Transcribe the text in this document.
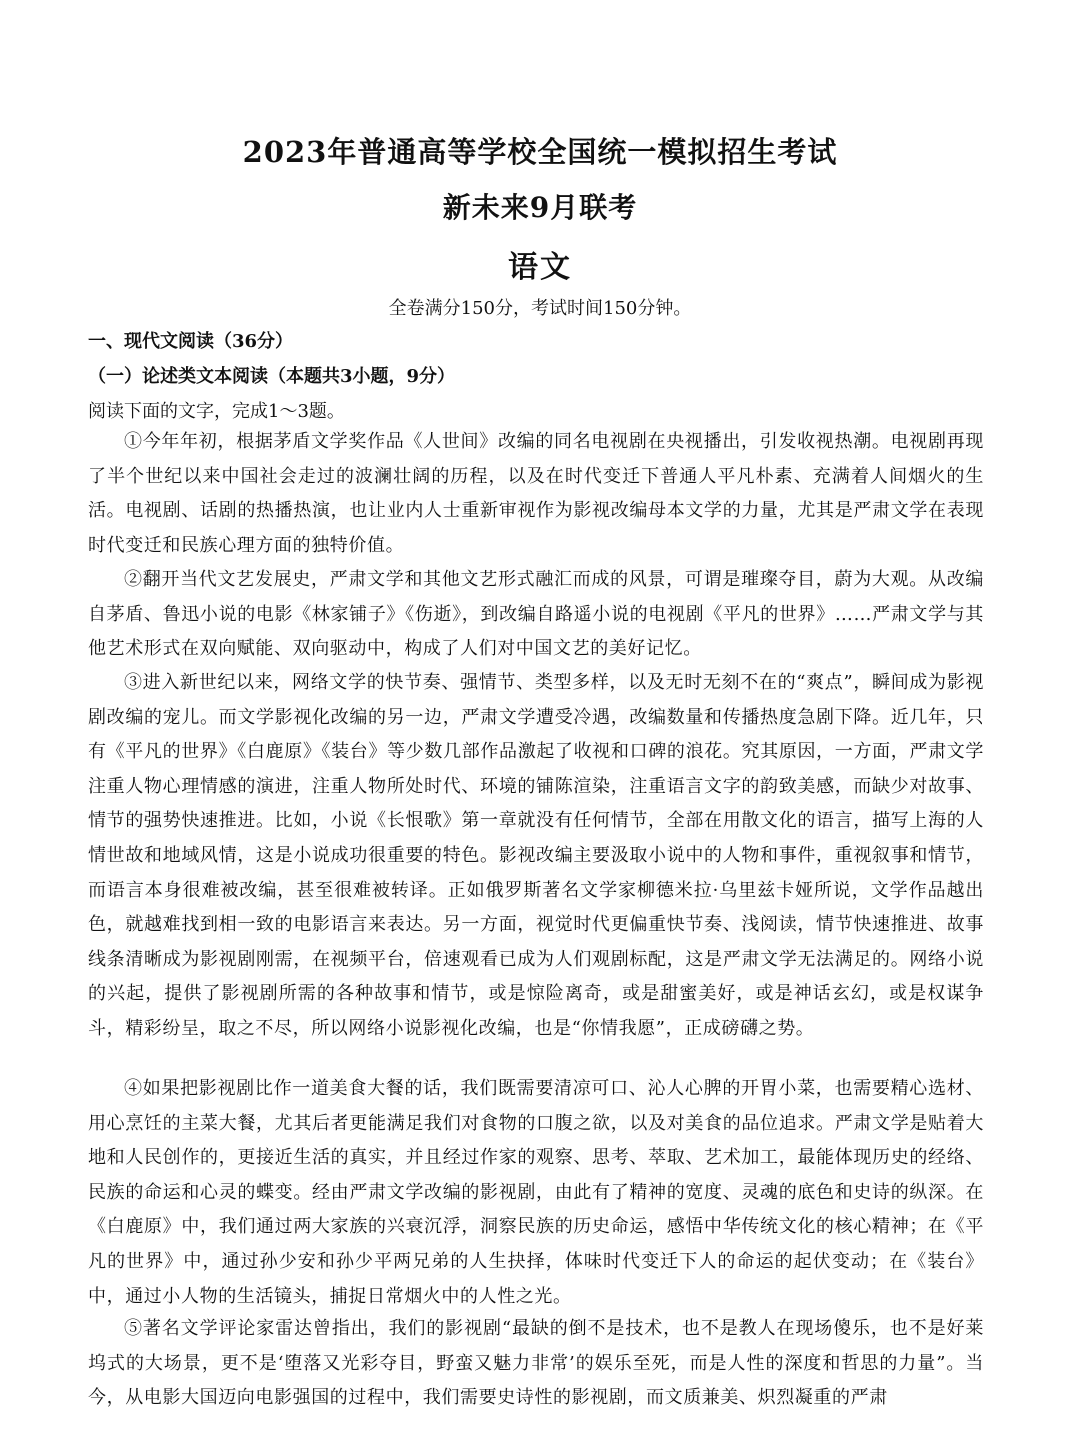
2023年普通高等学校全国统一模拟招生考试
新未来9月联考
语文
全卷满分150分，考试时间150分钟。
一、现代文阅读（36分）
（一）论述类文本阅读（本题共3小题，9分）
阅读下面的文字，完成1～3题。
①今年年初，根据茅盾文学奖作品《人世间》改编的同名电视剧在央视播出，引发收视热潮。电视剧再现了半个世纪以来中国社会走过的波澜壮阔的历程，以及在时代变迁下普通人平凡朴素、充满着人间烟火的生活。电视剧、话剧的热播热演，也让业内人士重新审视作为影视改编母本文学的力量，尤其是严肃文学在表现时代变迁和民族心理方面的独特价值。
②翻开当代文艺发展史，严肃文学和其他文艺形式融汇而成的风景，可谓是璀璨夺目，蔚为大观。从改编自茅盾、鲁迅小说的电影《林家铺子》《伤逝》，到改编自路遥小说的电视剧《平凡的世界》……严肃文学与其他艺术形式在双向赋能、双向驱动中，构成了人们对中国文艺的美好记忆。
③进入新世纪以来，网络文学的快节奏、强情节、类型多样，以及无时无刻不在的“爽点”，瞬间成为影视剧改编的宠儿。而文学影视化改编的另一边，严肃文学遭受冷遇，改编数量和传播热度急剧下降。近几年，只有《平凡的世界》《白鹿原》《装台》等少数几部作品激起了收视和口碑的浪花。究其原因，一方面，严肃文学注重人物心理情感的演进，注重人物所处时代、环境的铺陈渲染，注重语言文字的韵致美感，而缺少对故事、情节的强势快速推进。比如，小说《长恨歌》第一章就没有任何情节，全部在用散文化的语言，描写上海的人情世故和地域风情，这是小说成功很重要的特色。影视改编主要汲取小说中的人物和事件，重视叙事和情节，而语言本身很难被改编，甚至很难被转译。正如俄罗斯著名文学家柳德米拉·乌里兹卡娅所说，文学作品越出色，就越难找到相一致的电影语言来表达。另一方面，视觉时代更偏重快节奏、浅阅读，情节快速推进、故事线条清晰成为影视剧刚需，在视频平台，倍速观看已成为人们观剧标配，这是严肃文学无法满足的。网络小说的兴起，提供了影视剧所需的各种故事和情节，或是惊险离奇，或是甜蜜美好，或是神话玄幻，或是权谋争斗，精彩纷呈，取之不尽，所以网络小说影视化改编，也是“你情我愿”，正成磅礴之势。
④如果把影视剧比作一道美食大餐的话，我们既需要清凉可口、沁人心脾的开胃小菜，也需要精心选材、用心烹饪的主菜大餐，尤其后者更能满足我们对食物的口腹之欲，以及对美食的品位追求。严肃文学是贴着大地和人民创作的，更接近生活的真实，并且经过作家的观察、思考、萃取、艺术加工，最能体现历史的经络、民族的命运和心灵的蝶变。经由严肃文学改编的影视剧，由此有了精神的宽度、灵魂的底色和史诗的纵深。在《白鹿原》中，我们通过两大家族的兴衰沉浮，洞察民族的历史命运，感悟中华传统文化的核心精神；在《平凡的世界》中，通过孙少安和孙少平两兄弟的人生抉择，体味时代变迁下人的命运的起伏变动；在《装台》中，通过小人物的生活镜头，捕捉日常烟火中的人性之光。
⑤著名文学评论家雷达曾指出，我们的影视剧“最缺的倒不是技术，也不是教人在现场傻乐，也不是好莱坞式的大场景，更不是‘堕落又光彩夺目，野蛮又魅力非常’的娱乐至死，而是人性的深度和哲思的力量”。当今，从电影大国迈向电影强国的过程中，我们需要史诗性的影视剧，而文质兼美、炽烈凝重的严肃
